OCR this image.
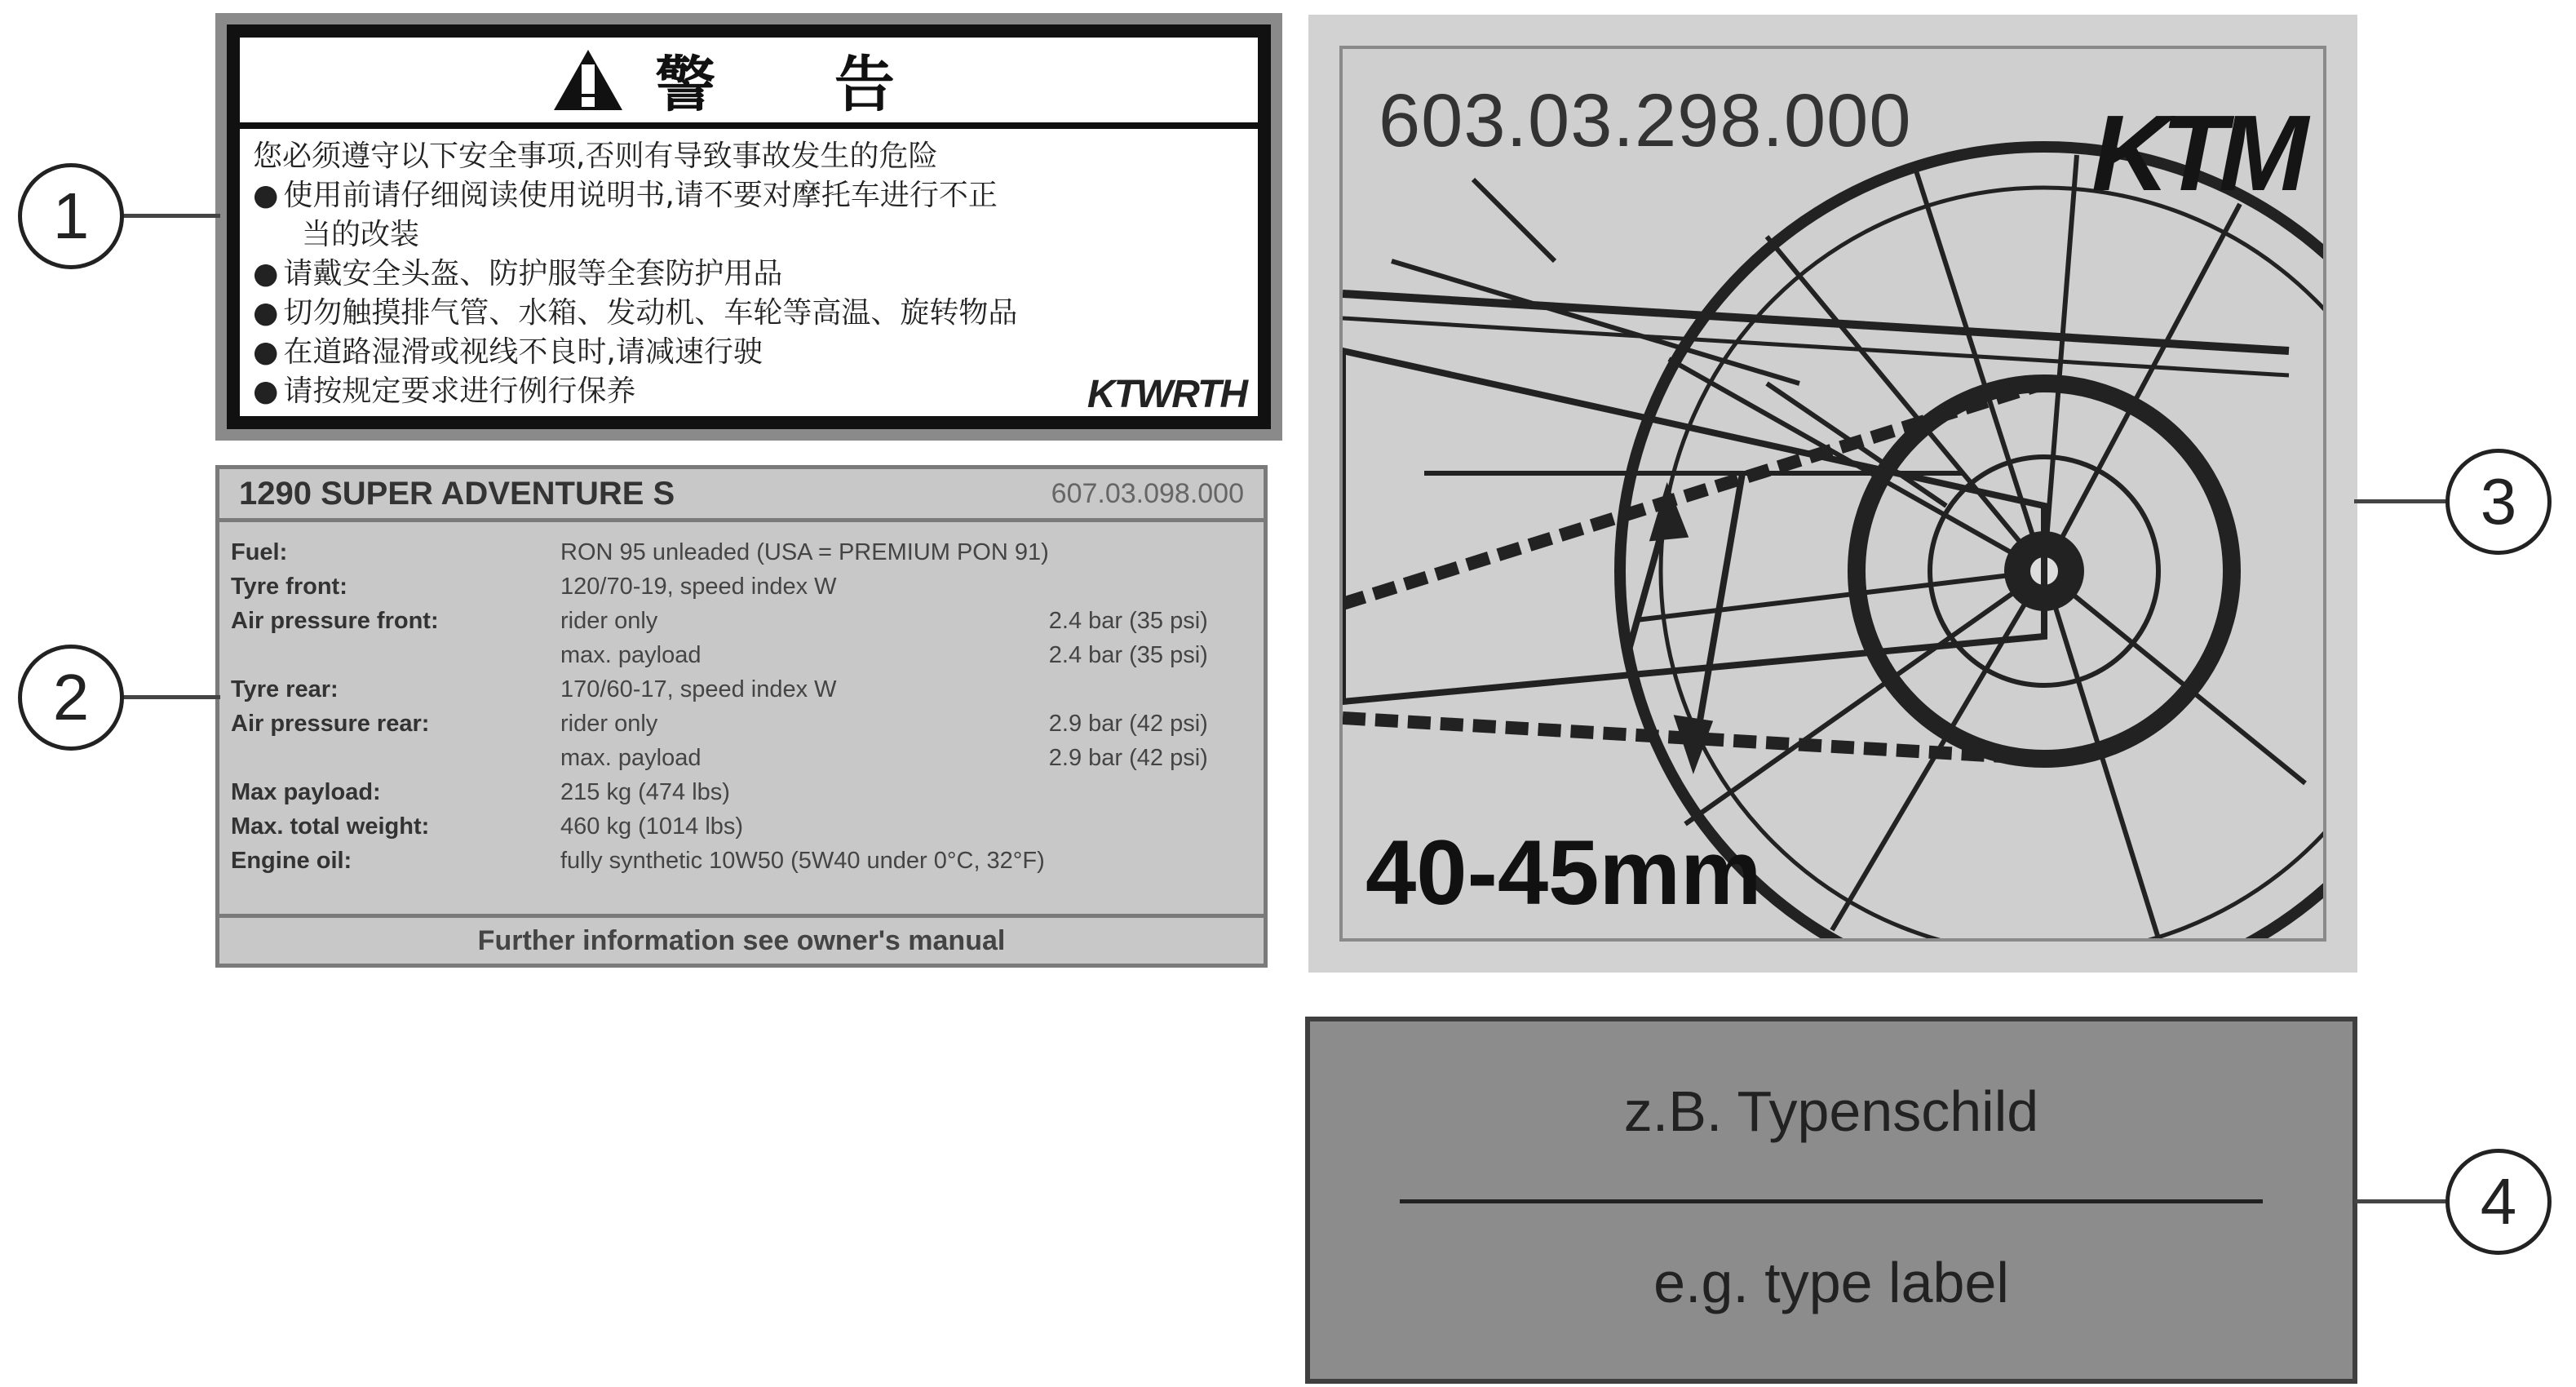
警 告
您必须遵守以下安全事项,否则有导致事故发生的危险
● 使用前请仔细阅读使用说明书,请不要对摩托车进行不正
当的改装
● 请戴安全头盔、防护服等全套防护用品
● 切勿触摸排气管、水箱、发动机、车轮等高温、旋转物品
● 在道路湿滑或视线不良时,请减速行驶
● 请按规定要求进行例行保养	KTWRTH
1290 SUPER ADVENTURE S	607.03.098.000
Fuel:	RON 95 unleaded (USA = PREMIUM PON 91)	
Tyre front:	120/70-19, speed index W	
Air pressure front:	rider only	2.4 bar (35 psi)
	max. payload	2.4 bar (35 psi)
Tyre rear:	170/60-17, speed index W	
Air pressure rear:	rider only	2.9 bar (42 psi)
	max. payload	2.9 bar (42 psi)
Max payload:	215 kg (474 lbs)	
Max. total weight:	460 kg (1014 lbs)	
Engine oil:	fully synthetic 10W50 (5W40 under 0°C, 32°F)	
Further information see owner's manual
603.03.298.000 KTM
40-45mm
z.B. Typenschild
e.g. type label
1
2
3
4
